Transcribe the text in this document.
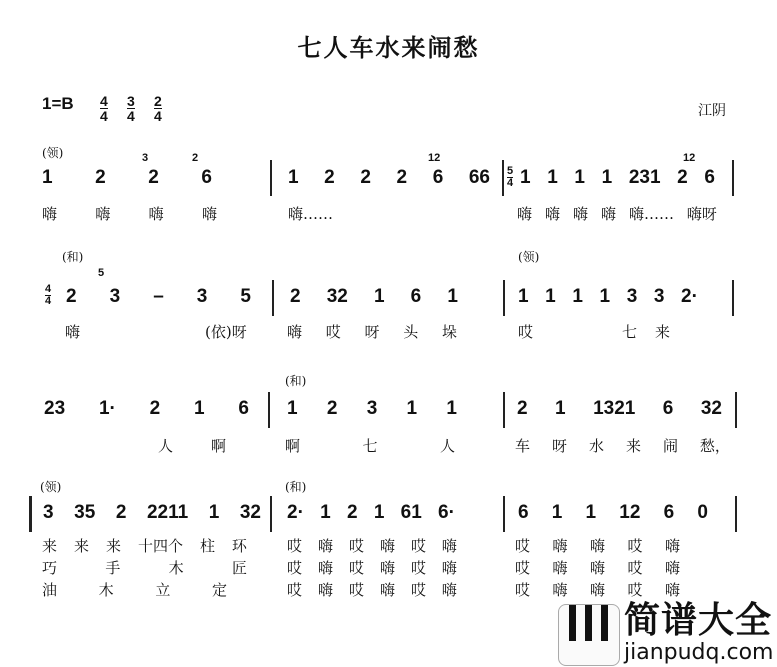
七人车水来闹愁
$1=B \frac{4}{4} \frac{3}{4} \frac{2}{4}$	江阴
(领)	3	2	12	12
1 2 2 6	1 2 2 2 6 $66 \frac{5}{4} 1$ 1 1 1 231 2 6
嗨	嗨	嗨	嗨	嗨……	嗨 嗨 嗨 嗨 嗨…… 嗨呀
(和)	(领)
5
$\frac{4}{4} 2$ 3 – 3 5 2 32 1 6 1	1 1 1 1 3 3 2·
嗨	(依)呀	嗨 哎 呀 头 垛	哎	七 来
(和)
23 1· 2 1 6 1 2 3 1 1	2 1 1321 6 32
人	啊	啊	七	人	车 呀 水 来 闹 愁，
(领)	(和)
3 35 2 2211 1 32 2· 1 2 1 61 6·	6 1 1 12 6 0
来 来 来 十四个 柱 环	哎 嗨 哎 嗨 哎 嗨	哎 嗨 嗨 哎 嗨
巧	手	木	匠	哎 嗨 哎 嗨 哎 嗨	哎 嗨 嗨 哎 嗨
油	木	立	定	哎 嗨 哎 嗨 哎 嗨	哎 嗨 嗨 哎 嗨
简谱大全
jianpudq.com
